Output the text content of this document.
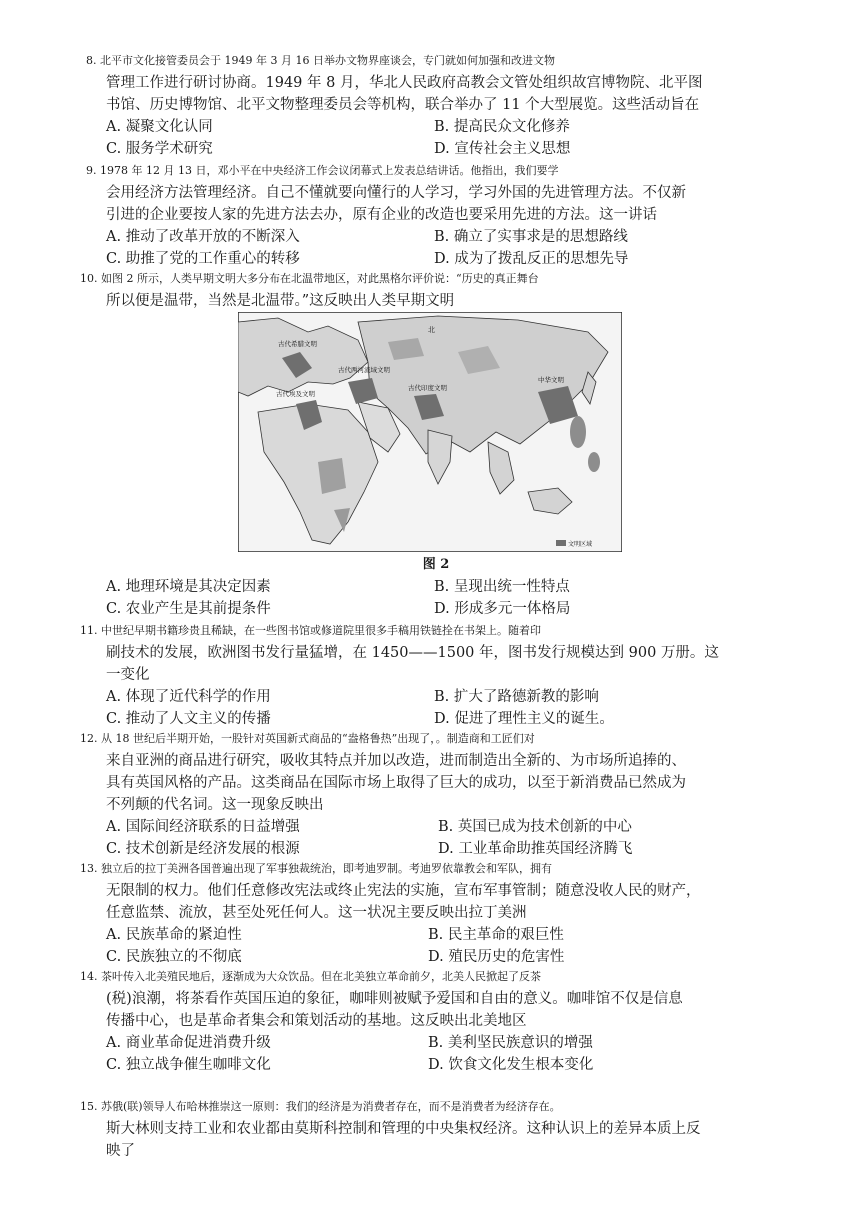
8. 北平市文化接管委员会于 1949 年 3 月 16 日举办文物界座谈会，专门就如何加强和改进文物
管理工作进行研讨协商。1949 年 8 月，华北人民政府高教会文管处组织故宫博物院、北平图
书馆、历史博物馆、北平文物整理委员会等机构，联合举办了 11 个大型展览。这些活动旨在
A. 凝聚文化认同	B. 提高民众文化修养
C. 服务学术研究	D. 宣传社会主义思想
9. 1978 年 12 月 13 日，邓小平在中央经济工作会议闭幕式上发表总结讲话。他指出，我们要学
会用经济方法管理经济。自己不懂就要向懂行的人学习，学习外国的先进管理方法。不仅新
引进的企业要按人家的先进方法去办，原有企业的改造也要采用先进的方法。这一讲话
A. 推动了改革开放的不断深入	B. 确立了实事求是的思想路线
C. 助推了党的工作重心的转移	D. 成为了拨乱反正的思想先导
10. 如图 2 所示，人类早期文明大多分布在北温带地区，对此黑格尔评价说：“历史的真正舞台
所以便是温带，当然是北温带。”这反映出人类早期文明
古代希腊文明
古代两河流域文明
古代埃及文明
古代印度文明
中华文明
北
文明区域
图 2
A. 地理环境是其决定因素	B. 呈现出统一性特点
C. 农业产生是其前提条件	D. 形成多元一体格局
11. 中世纪早期书籍珍贵且稀缺，在一些图书馆或修道院里很多手稿用铁链拴在书架上。随着印
刷技术的发展，欧洲图书发行量猛增，在 1450——1500 年，图书发行规模达到 900 万册。这
一变化
A. 体现了近代科学的作用	B. 扩大了路德新教的影响
C. 推动了人文主义的传播	D. 促进了理性主义的诞生。
12. 从 18 世纪后半期开始，一股针对英国新式商品的“盎格鲁热”出现了，。制造商和工匠们对
来自亚洲的商品进行研究，吸收其特点并加以改造，进而制造出全新的、为市场所追捧的、
具有英国风格的产品。这类商品在国际市场上取得了巨大的成功，以至于新消费品已然成为
不列颠的代名词。这一现象反映出
A. 国际间经济联系的日益增强	B. 英国已成为技术创新的中心
C. 技术创新是经济发展的根源	D. 工业革命助推英国经济腾飞
13. 独立后的拉丁美洲各国普遍出现了军事独裁统治，即考迪罗制。考迪罗依靠教会和军队，拥有
无限制的权力。他们任意修改宪法或终止宪法的实施，宣布军事管制；随意没收人民的财产，
任意监禁、流放，甚至处死任何人。这一状况主要反映出拉丁美洲
A. 民族革命的紧迫性	B. 民主革命的艰巨性
C. 民族独立的不彻底	D. 殖民历史的危害性
14. 茶叶传入北美殖民地后，逐渐成为大众饮品。但在北美独立革命前夕，北美人民掀起了反茶
(税)浪潮，将茶看作英国压迫的象征，咖啡则被赋予爱国和自由的意义。咖啡馆不仅是信息
传播中心，也是革命者集会和策划活动的基地。这反映出北美地区
A. 商业革命促进消费升级	B. 美利坚民族意识的增强
C. 独立战争催生咖啡文化	D. 饮食文化发生根本变化
15. 苏俄(联)领导人布哈林推崇这一原则：我们的经济是为消费者存在，而不是消费者为经济存在。
斯大林则支持工业和农业都由莫斯科控制和管理的中央集权经济。这种认识上的差异本质上反
映了
